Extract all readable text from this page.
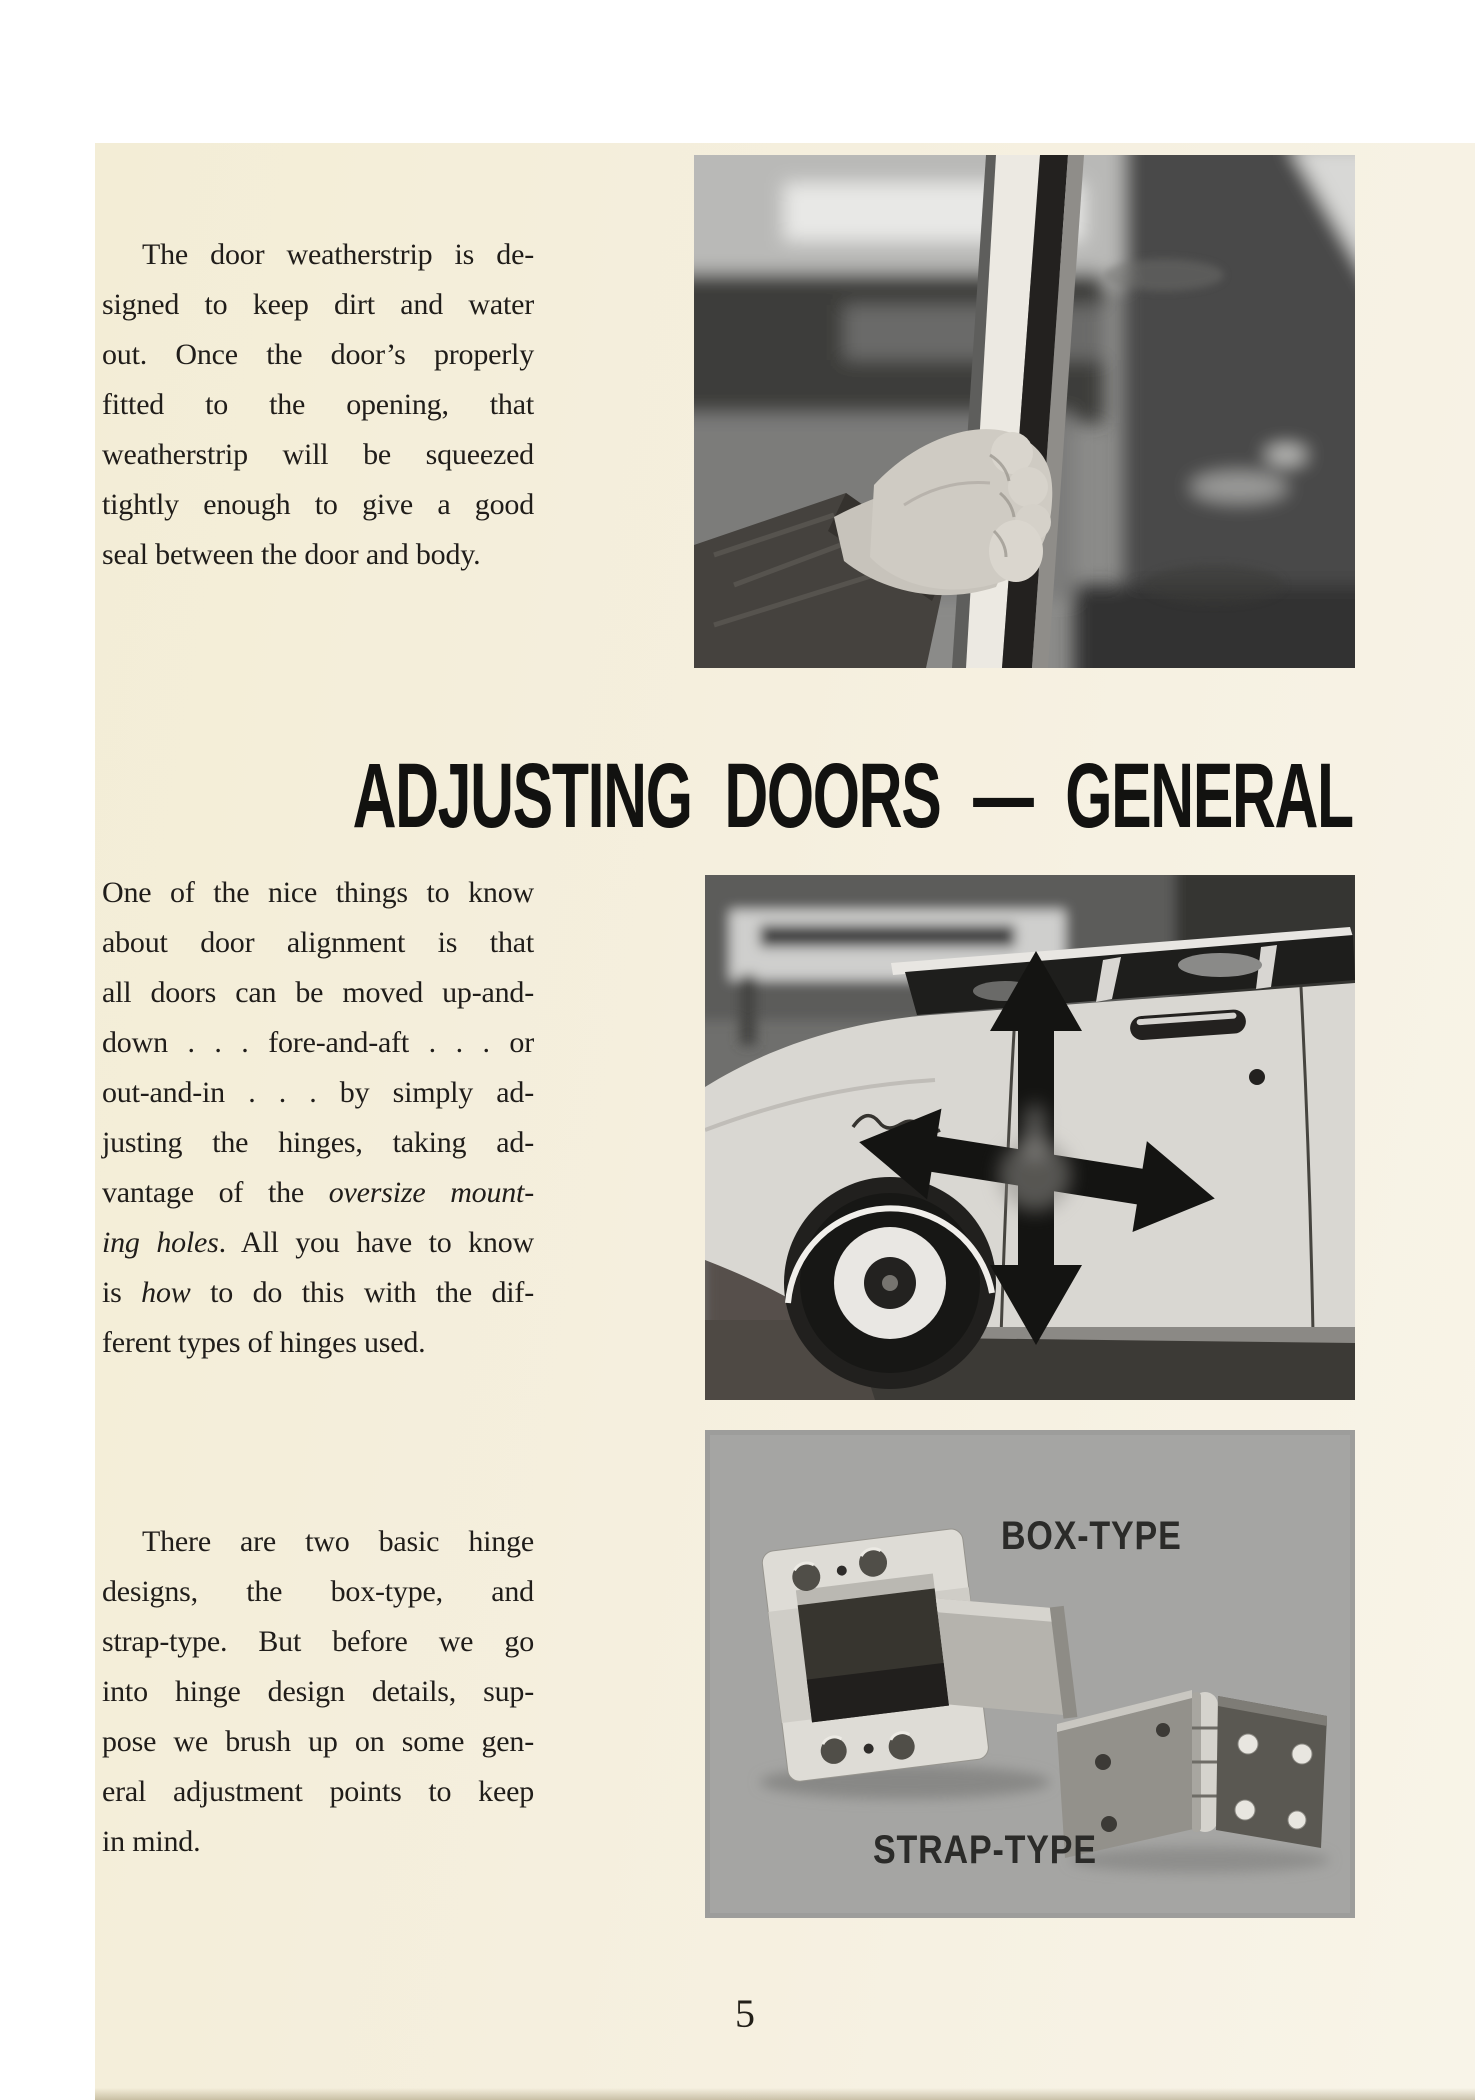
The door weatherstrip is de-
signed to keep dirt and water
out. Once the door’s properly
fitted to the opening, that
weatherstrip will be squeezed
tightly enough to give a good
seal between the door and body.
ADJUSTING DOORS — GENERAL
One of the nice things to know
about door alignment is that
all doors can be moved up-and-
down . . . fore-and-aft . . . or
out-and-in . . . by simply ad-
justing the hinges, taking ad-
vantage of the oversize mount-
ing holes. All you have to know
is how to do this with the dif-
ferent types of hinges used.
There are two basic hinge
designs, the box-type, and
strap-type. But before we go
into hinge design details, sup-
pose we brush up on some gen-
eral adjustment points to keep
in mind.
BOX-TYPE
STRAP-TYPE
5
